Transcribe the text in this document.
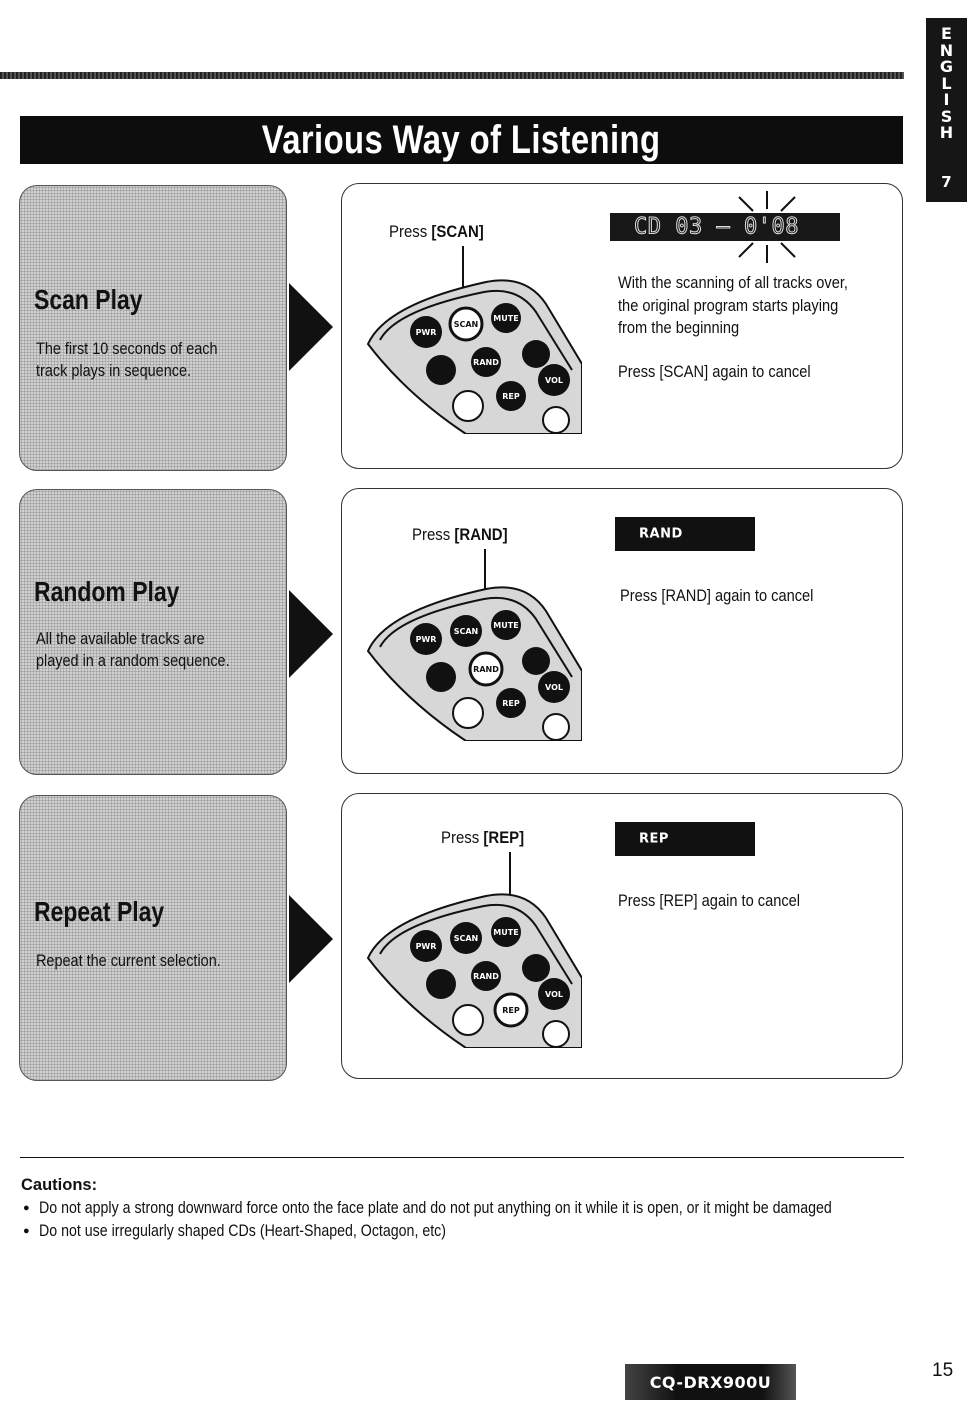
Various Way of Listening
E
N
G
L
I
S
H
7
Scan Play
The first 10 seconds of each
track plays in sequence.
Press [SCAN]
PWR
SCAN
MUTE
RAND
VOL
REP
CD 03 — 0'08
With the scanning of all tracks over,
the original program starts playing
from the beginning
Press [SCAN] again to cancel
Random Play
All the available tracks are
played in a random sequence.
Press [RAND]
PWR
SCAN
MUTE
RAND
VOL
REP
RAND
Press [RAND] again to cancel
Repeat Play
Repeat the current selection.
Press [REP]
PWR
SCAN
MUTE
RAND
VOL
REP
REP
Press [REP] again to cancel
Cautions:
● Do not apply a strong downward force onto the face plate and do not put anything on it while it is open, or it might be damaged
● Do not use irregularly shaped CDs (Heart-Shaped, Octagon, etc)
CQ-DRX900U
15
